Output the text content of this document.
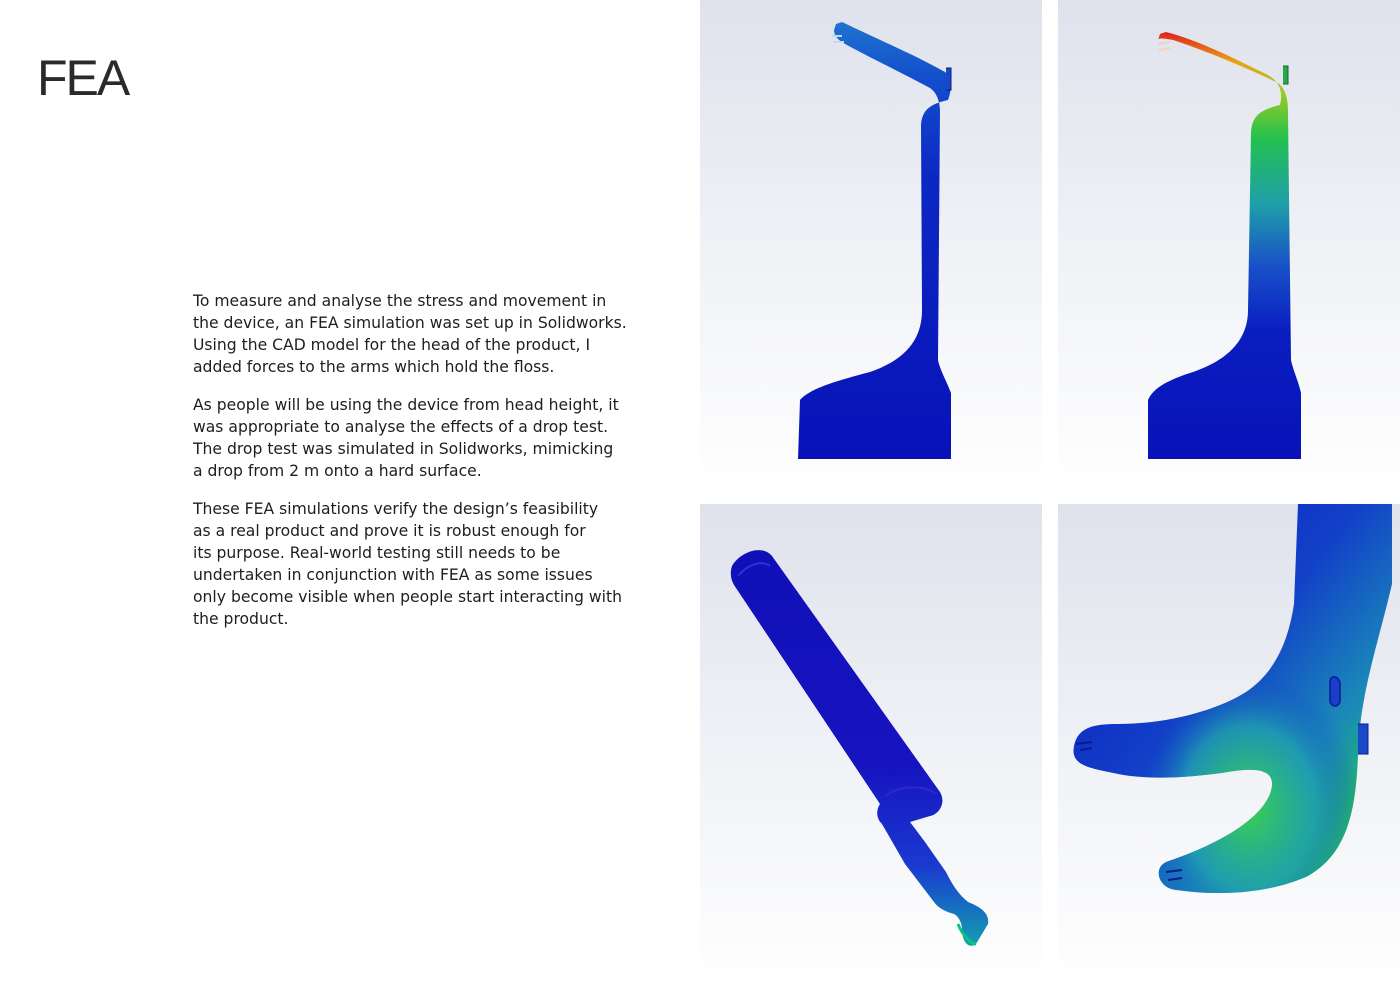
FEA

To measure and analyse the stress and movement in
the device, an FEA simulation was set up in Solidworks.
Using the CAD model for the head of the product, I
added forces to the arms which hold the floss.

As people will be using the device from head height, it
was appropriate to analyse the effects of a drop test.
The drop test was simulated in Solidworks, mimicking
a drop from 2 m onto a hard surface.

These FEA simulations verify the design’s feasibility
as a real product and prove it is robust enough for
its purpose. Real-world testing still needs to be
undertaken in conjunction with FEA as some issues
only become visible when people start interacting with
the product.
